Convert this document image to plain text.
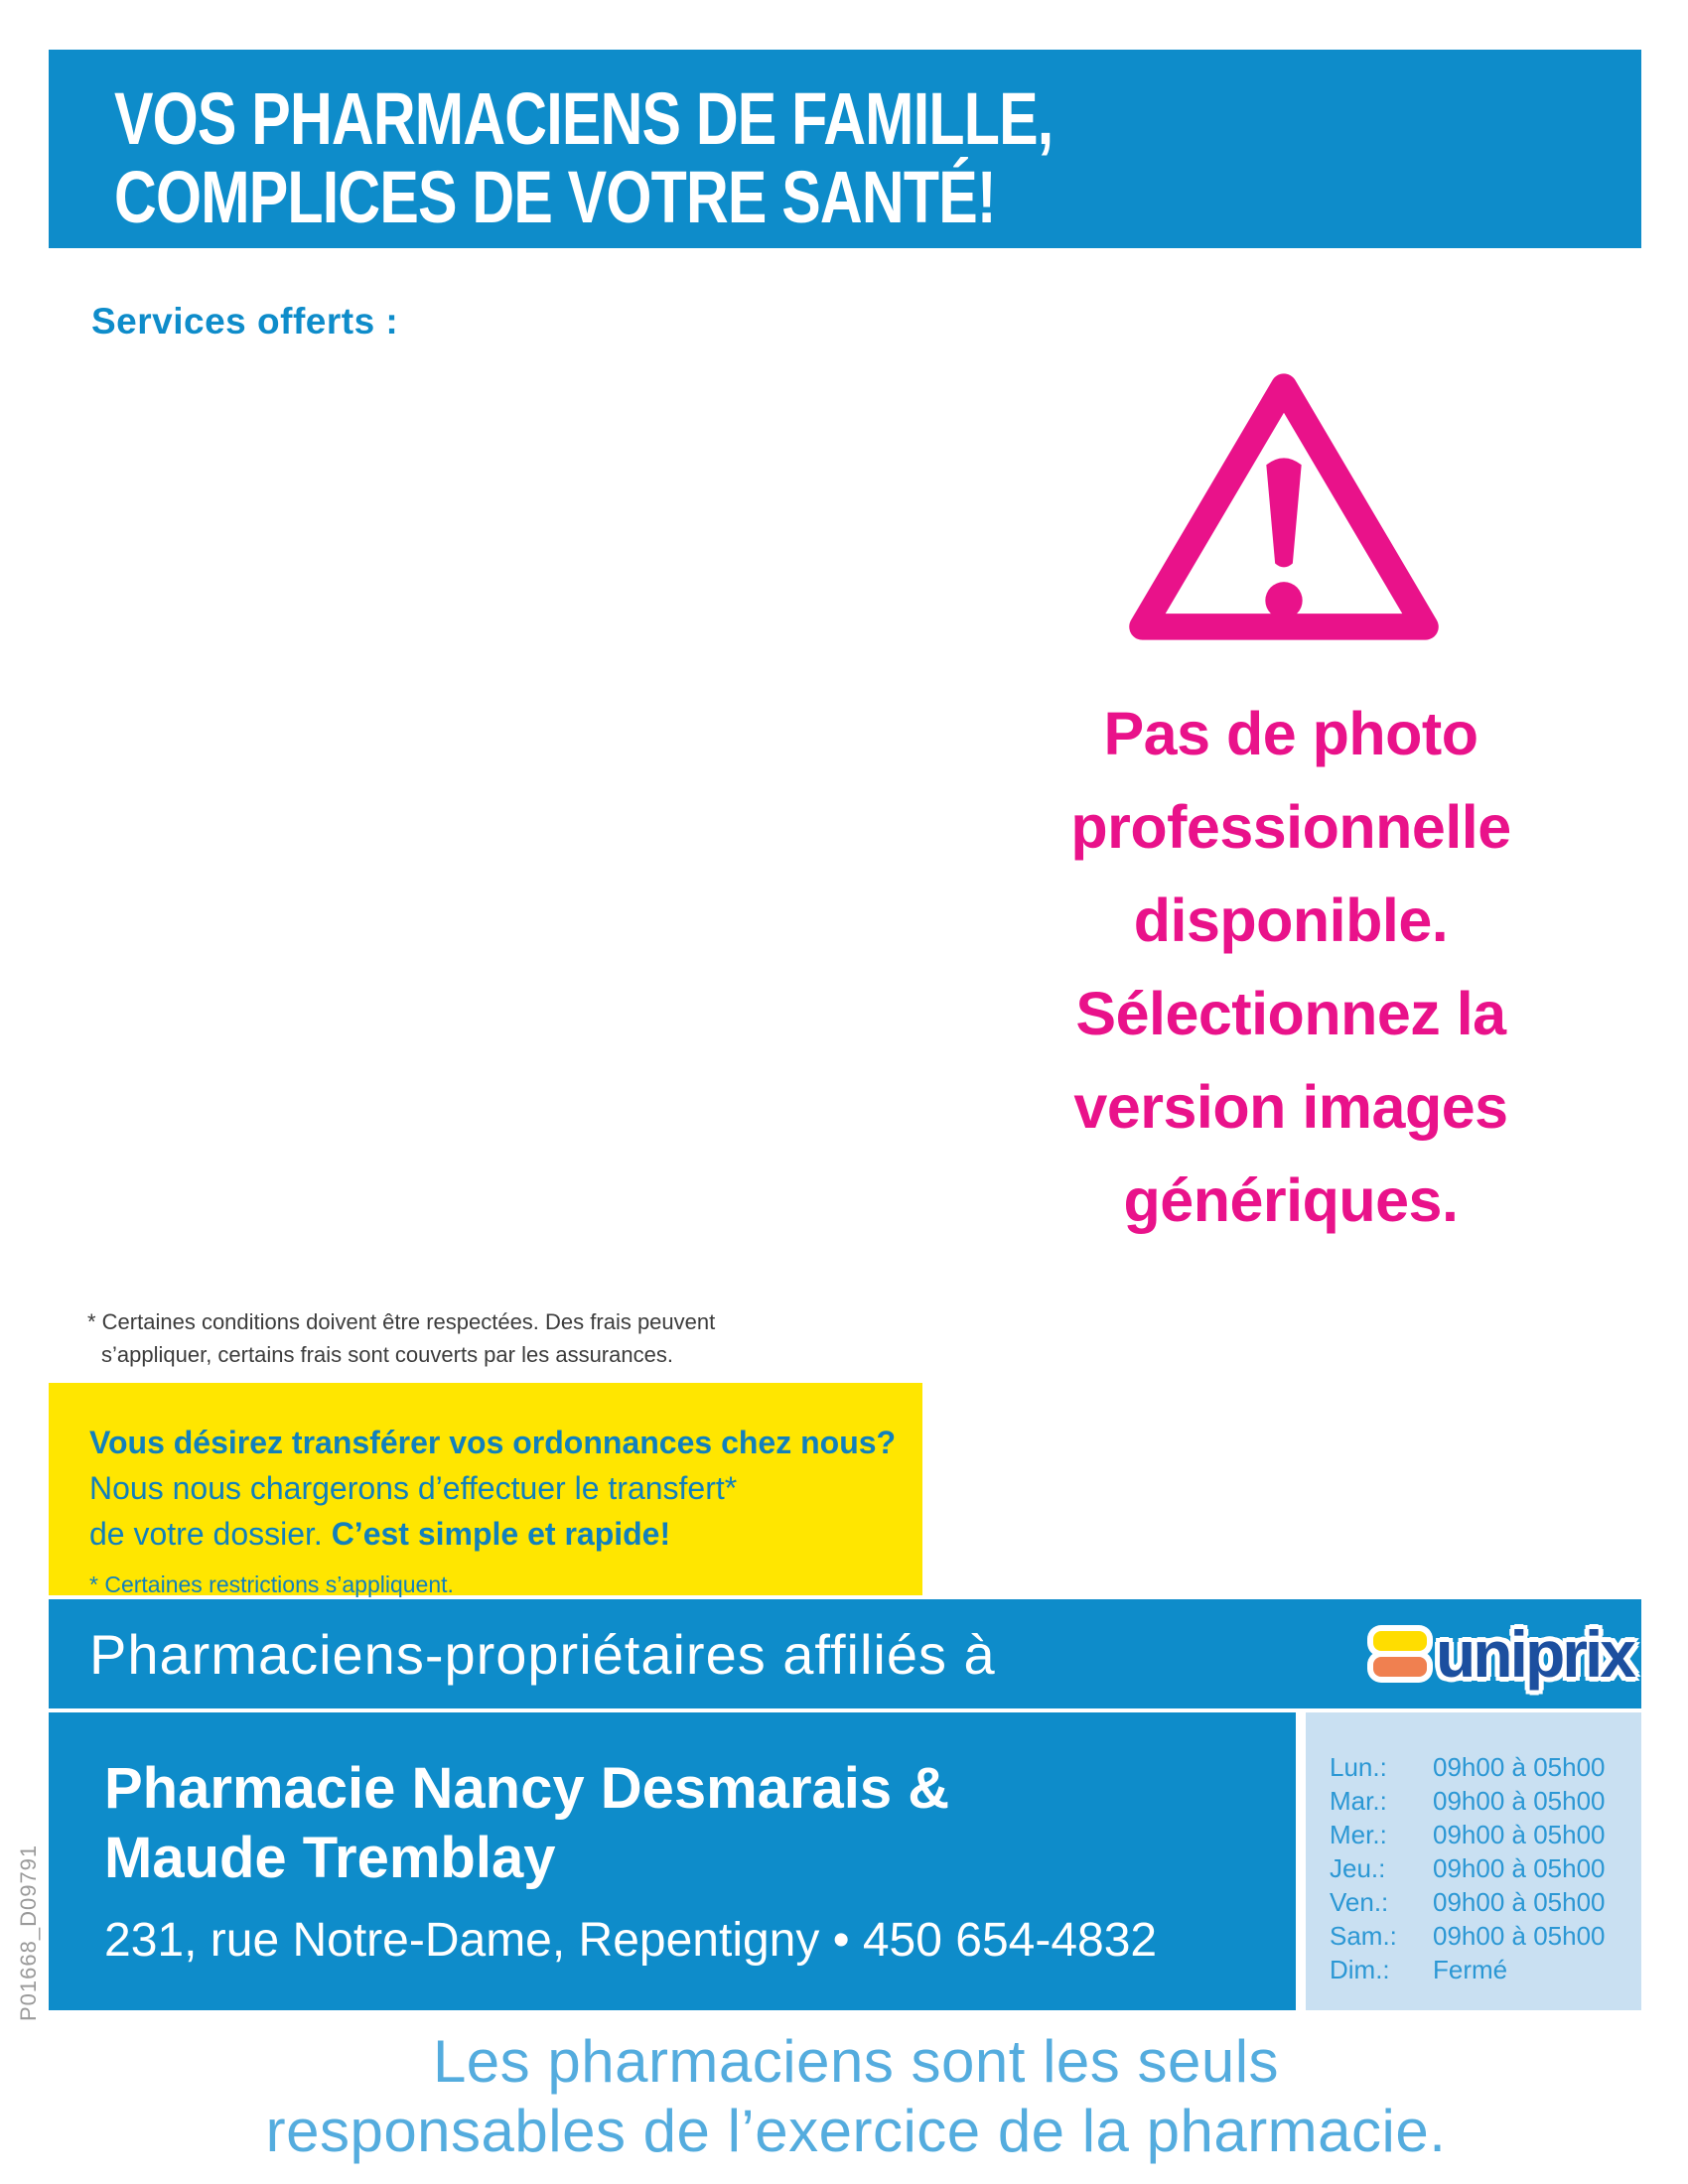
VOS PHARMACIENS DE FAMILLE,
COMPLICES DE VOTRE SANTÉ!
Services offerts :
Pas de photo
professionnelle
disponible.
Sélectionnez la
version images
génériques.
* Certaines conditions doivent être respectées. Des frais peuvent
s’appliquer, certains frais sont couverts par les assurances.
Vous désirez transférer vos ordonnances chez nous?
Nous nous chargerons d’effectuer le transfert*
de votre dossier. C’est simple et rapide!
* Certaines restrictions s’appliquent.
Pharmaciens-propriétaires affiliés à	uniprix
Pharmacie Nancy Desmarais &
Maude Tremblay
231, rue Notre-Dame, Repentigny • 450 654-4832
Lun.:	09h00 à 05h00
Mar.:	09h00 à 05h00
Mer.:	09h00 à 05h00
Jeu.:	09h00 à 05h00
Ven.:	09h00 à 05h00
Sam.:	09h00 à 05h00
Dim.:	Fermé
Les pharmaciens sont les seuls
responsables de l’exercice de la pharmacie.
P01668_D09791
